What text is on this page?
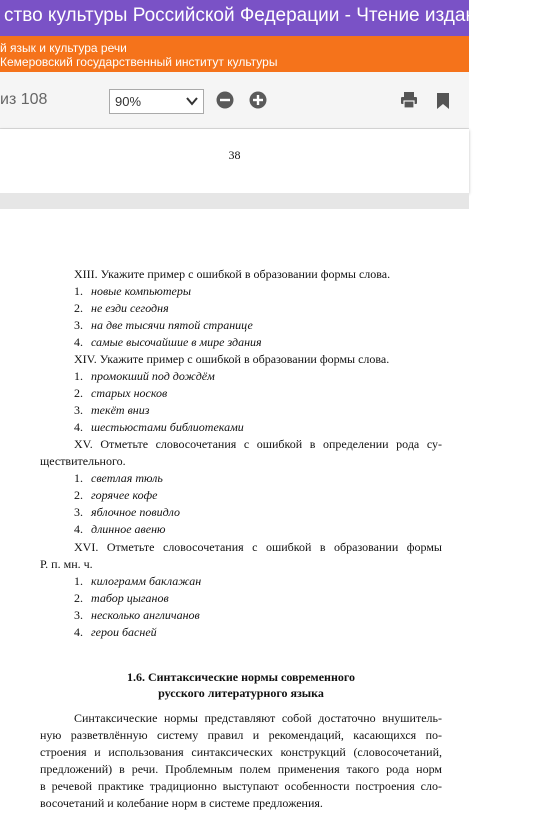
ство культуры Российской Федерации - Чтение издания ЭБ...
й язык и культура речи
Кемеровский государственный институт культуры
из 108	90%
38
XIII. Укажите пример с ошибкой в образовании формы слова.
1. новые компьютеры
2. не езди сегодня
3. на две тысячи пятой странице
4. самые высочайшие в мире здания
XIV. Укажите пример с ошибкой в образовании формы слова.
1. промокший под дождём
2. старых носков
3. текёт вниз
4. шестьюстами библиотеками
XV. Отметьте словосочетания с ошибкой в определении рода су-
ществительного.
1. светлая тюль
2. горячее кофе
3. яблочное повидло
4. длинное авеню
XVI. Отметьте словосочетания с ошибкой в образовании формы
Р. п. мн. ч.
1. килограмм баклажан
2. табор цыганов
3. несколько англичанов
4. герои басней
1.6. Синтаксические нормы современного
русского литературного языка
Синтаксические нормы представляют собой достаточно внушитель-
ную разветвлённую систему правил и рекомендаций, касающихся по-
строения и использования синтаксических конструкций (словосочетаний,
предложений) в речи. Проблемным полем применения такого рода норм
в речевой практике традиционно выступают особенности построения сло-
восочетаний и колебание норм в системе предложения.
